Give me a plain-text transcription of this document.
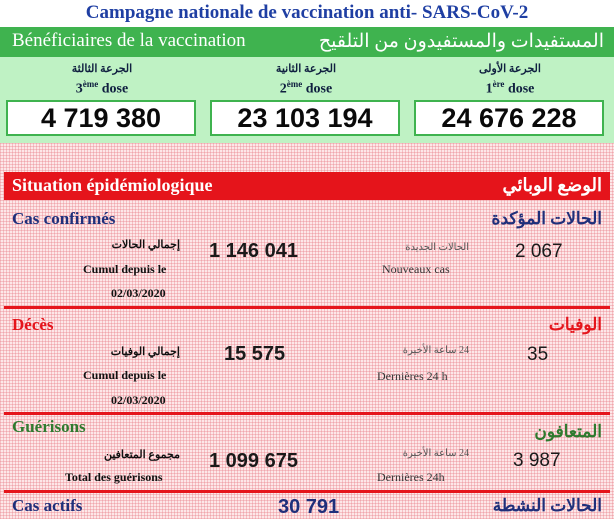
Campagne nationale de vaccination anti- SARS-CoV-2
Bénéficiaires de la vaccination	المستفيدات والمستفيدون من التلقيح
الجرعة الثالثة
3ème dose
4 719 380
الجرعة الثانية
2ème dose
23 103 194
الجرعة الأولى
1ère dose
24 676 228
Situation épidémiologique	الوضع الوبائي
Cas confirmés	الحالات المؤكدة
إجمالي الحالات
Cumul depuis le
02/03/2020
1 146 041	الحالات الجديدة
Nouveaux cas
2 067
Décès	الوفيات
إجمالي الوفيات
Cumul depuis le
02/03/2020
15 575	24 ساعة الأخيرة
Dernières 24 h
35
Guérisons	المتعافون
مجموع المتعافين
Total des guérisons
1 099 675	24 ساعة الأخيرة
Dernières 24h
3 987
Cas actifs	30 791	الحالات النشطة
